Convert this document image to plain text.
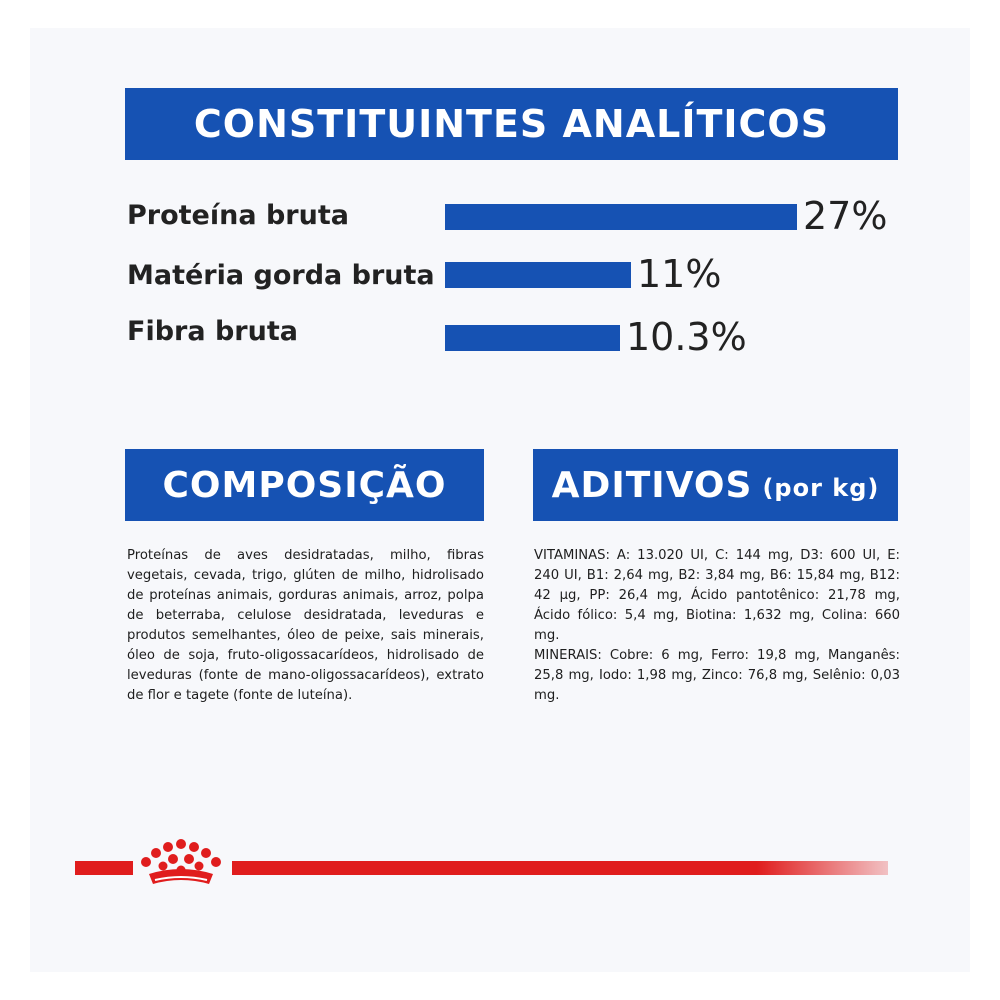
CONSTITUINTES ANALÍTICOS
Proteína bruta	27%
Matéria gorda bruta	11%
Fibra bruta	10.3%
COMPOSIÇÃO

Proteínas de aves desidratadas, milho, fibras vegetais, cevada, trigo, glúten de milho, hidrolisado de proteínas animais, gorduras animais, arroz, polpa de beterraba, celulose desidratada, leveduras e produtos semelhantes, óleo de peixe, sais minerais, óleo de soja, fruto-oligossacarídeos, hidrolisado de leveduras (fonte de mano-oligossacarídeos), extrato de flor e tagete (fonte de luteína).

ADITIVOS (por kg)

VITAMINAS: A: 13.020 UI, C: 144 mg, D3: 600 UI, E: 240 UI, B1: 2,64 mg, B2: 3,84 mg, B6: 15,84 mg, B12: 42 µg, PP: 26,4 mg, Ácido pantotênico: 21,78 mg, Ácido fólico: 5,4 mg, Biotina: 1,632 mg, Colina: 660 mg.

MINERAIS: Cobre: 6 mg, Ferro: 19,8 mg, Manganês: 25,8 mg, Iodo: 1,98 mg, Zinco: 76,8 mg, Selênio: 0,03 mg.
